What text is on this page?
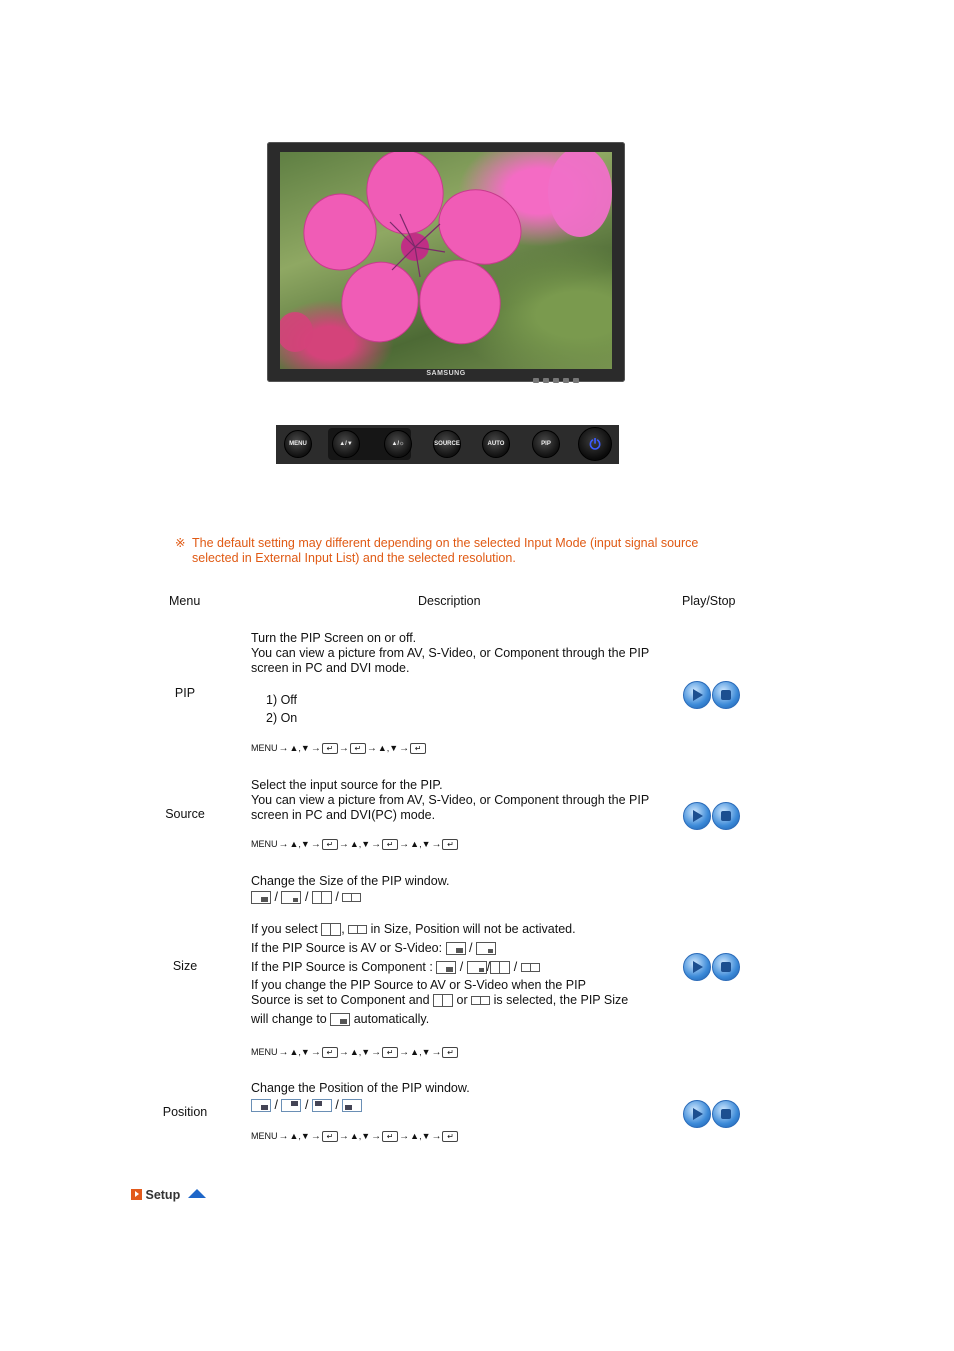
SAMSUNG
MENU	▲/▼	▲/☼	SOURCE	AUTO	PIP	⏻
※ The default setting may different depending on the selected Input Mode (input signal source selected in External Input List) and the selected resolution.
Menu	Description	Play/Stop
PIP

Turn the PIP Screen on or off.

You can view a picture from AV, S-Video, or Component through the PIP screen in PC and DVI mode.

1) Off

2) On

MENU→▲,▼→ ↵ → ↵ →▲,▼→ ↵
Source

Select the input source for the PIP.

You can view a picture from AV, S-Video, or Component through the PIP screen in PC and DVI(PC) mode.

MENU→▲,▼→ ↵ →▲,▼→ ↵ →▲,▼→ ↵
Size
Change the Size of the PIP window.
/ / /
If you select , in Size, Position will not be activated.
If the PIP Source is AV or S-Video: /
If the PIP Source is Component : / / /
If you change the PIP Source to AV or S-Video when the PIP
Source is set to Component and or is selected, the PIP Size
will change to automatically.
MENU→▲,▼→ ↵ →▲,▼→ ↵ →▲,▼→ ↵
Position
Change the Position of the PIP window.
/ / /
MENU→▲,▼→ ↵ →▲,▼→ ↵ →▲,▼→ ↵
Setup
